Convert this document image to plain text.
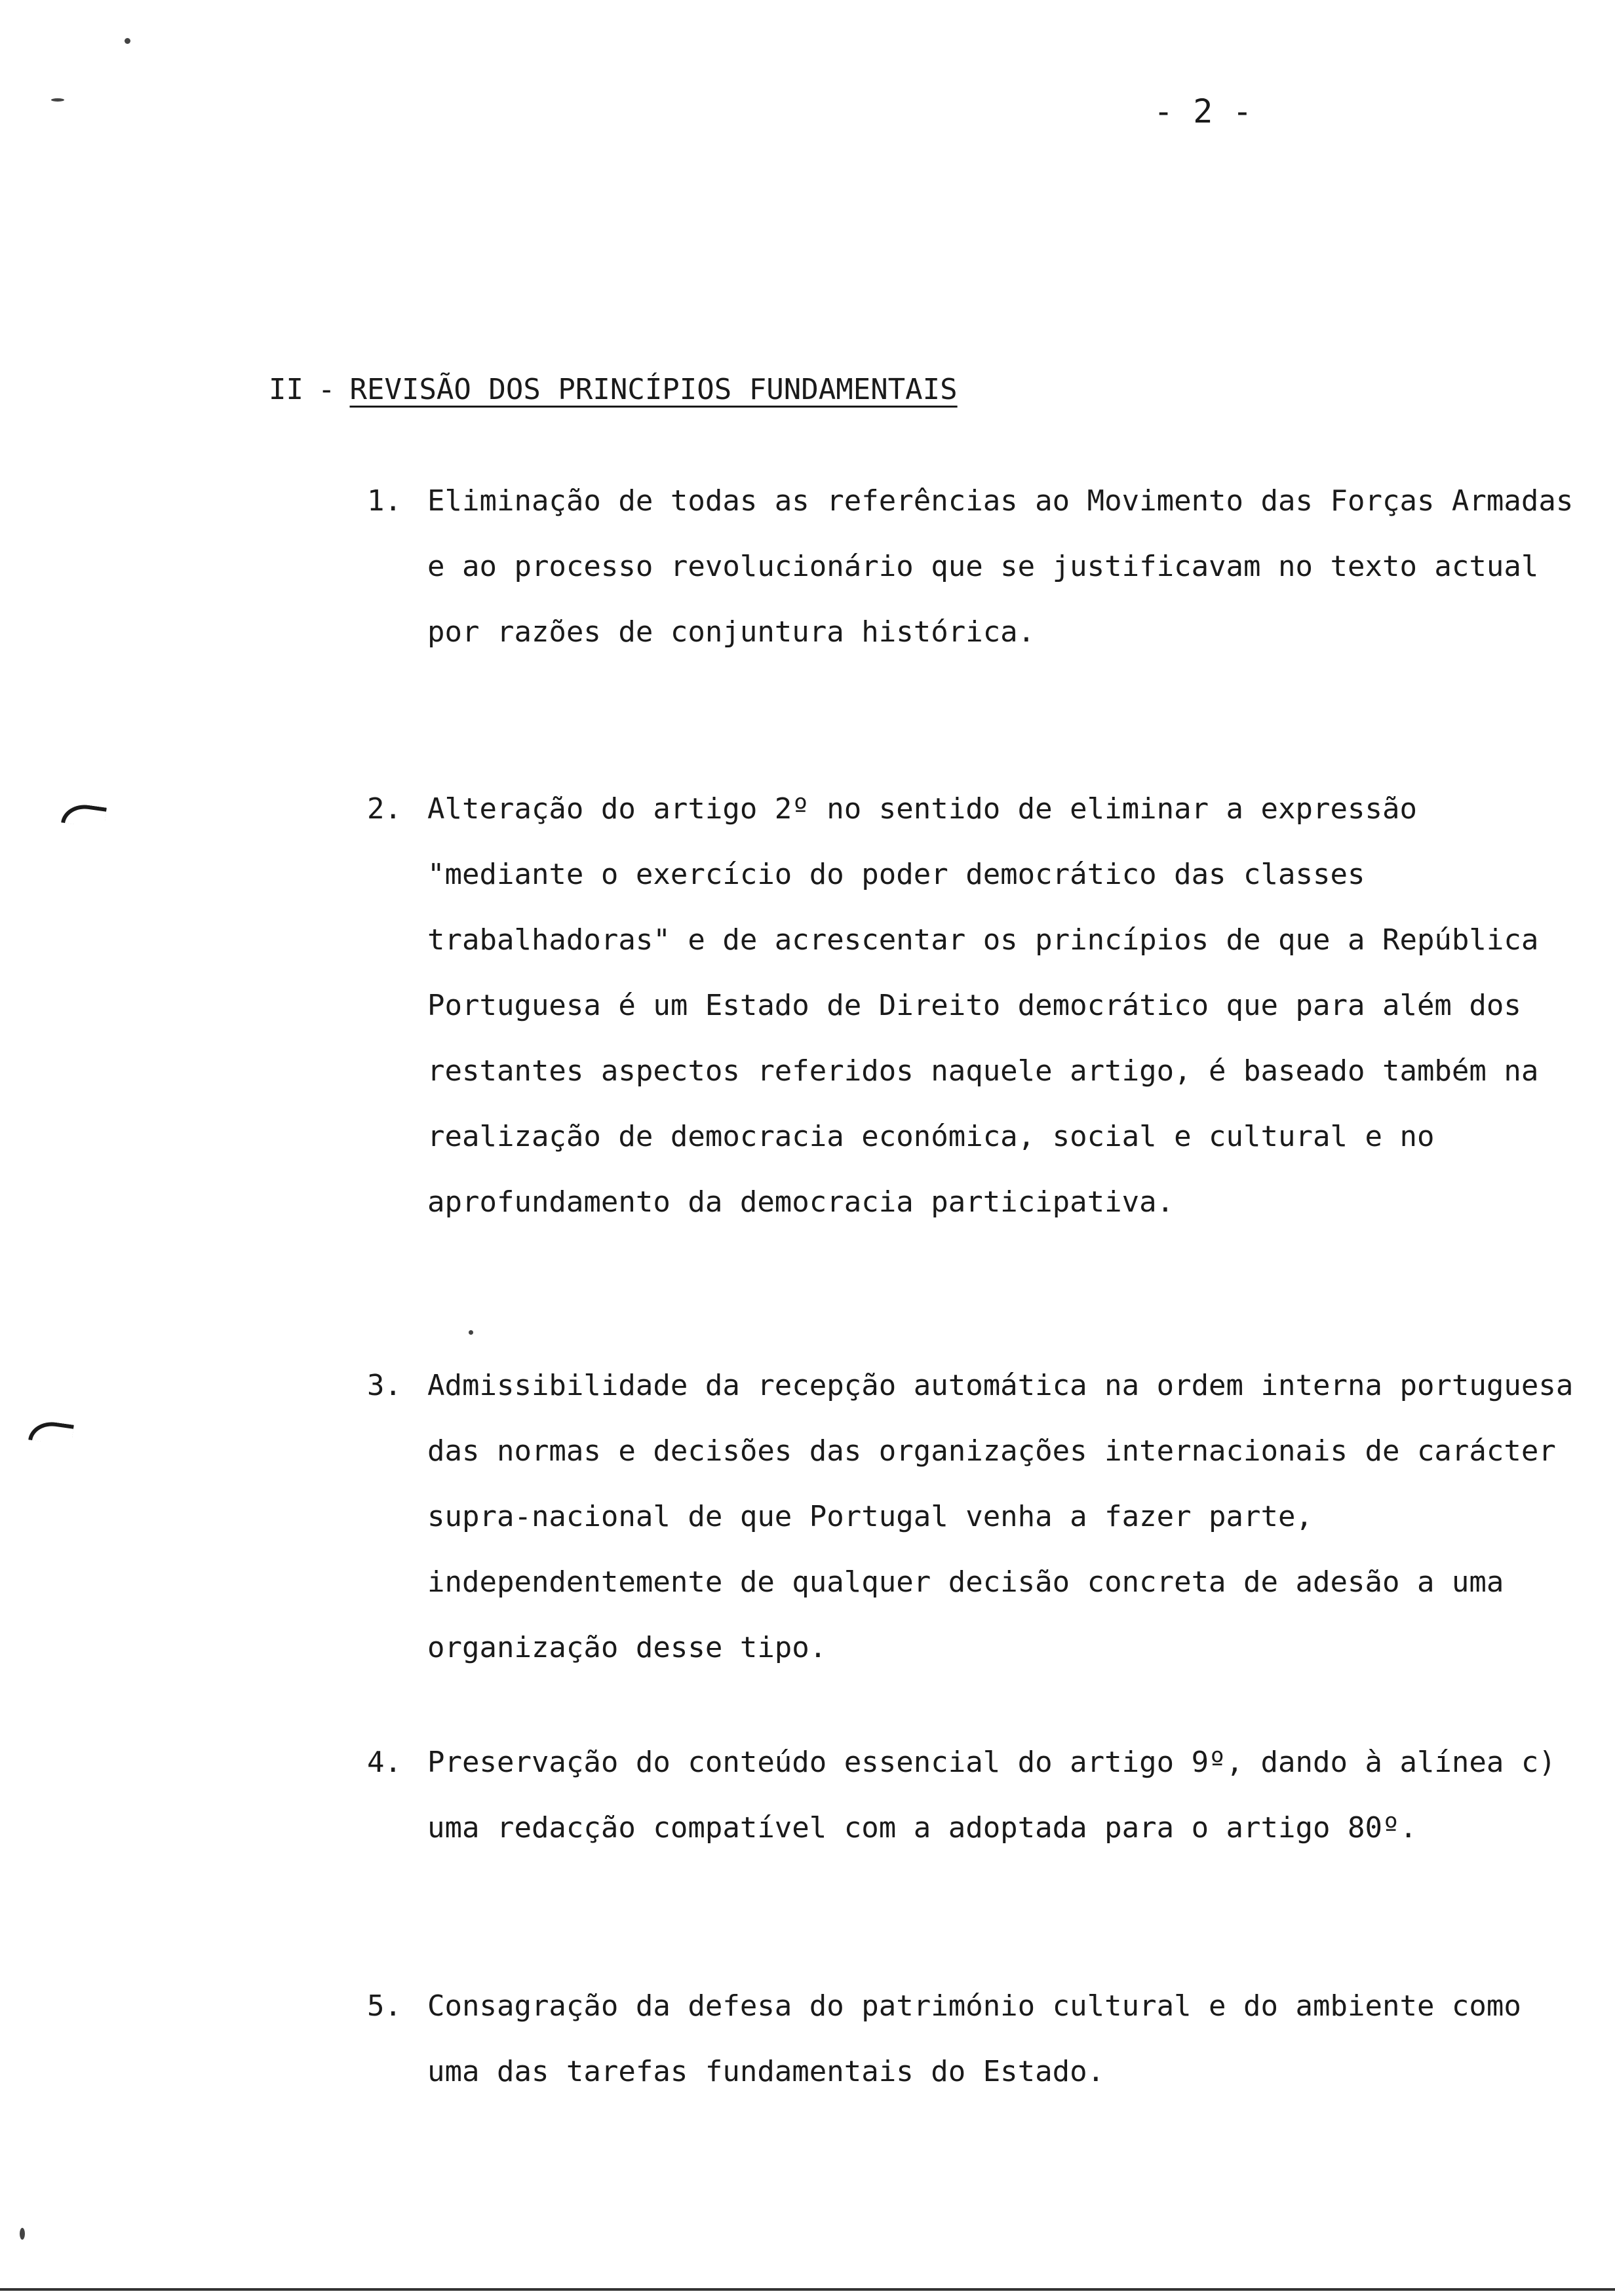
- 2 -
II - REVISÃO DOS PRINCÍPIOS FUNDAMENTAIS
1. Eliminação de todas as referências ao Movimento das Forças Armadas e ao processo revolucionário que se justificavam no texto actual por razões de conjuntura histórica.
2. Alteração do artigo 2º no sentido de eliminar a expressão "mediante o exercício do poder democrático das classes trabalhadoras" e de acrescentar os princípios de que a República Portuguesa é um Estado de Direito democrático que para além dos restantes aspectos referidos naquele artigo, é baseado também na realização de democracia económica, social e cultural e no aprofundamento da democracia participativa.
3. Admissibilidade da recepção automática na ordem interna portuguesa das normas e decisões das organizações internacionais de carácter supra-nacional de que Portugal venha a fazer parte, independentemente de qualquer decisão concreta de adesão a uma organização desse tipo.
4. Preservação do conteúdo essencial do artigo 9º, dando à alínea c) uma redacção compatível com a adoptada para o artigo 80º.
5. Consagração da defesa do património cultural e do ambiente como uma das tarefas fundamentais do Estado.
